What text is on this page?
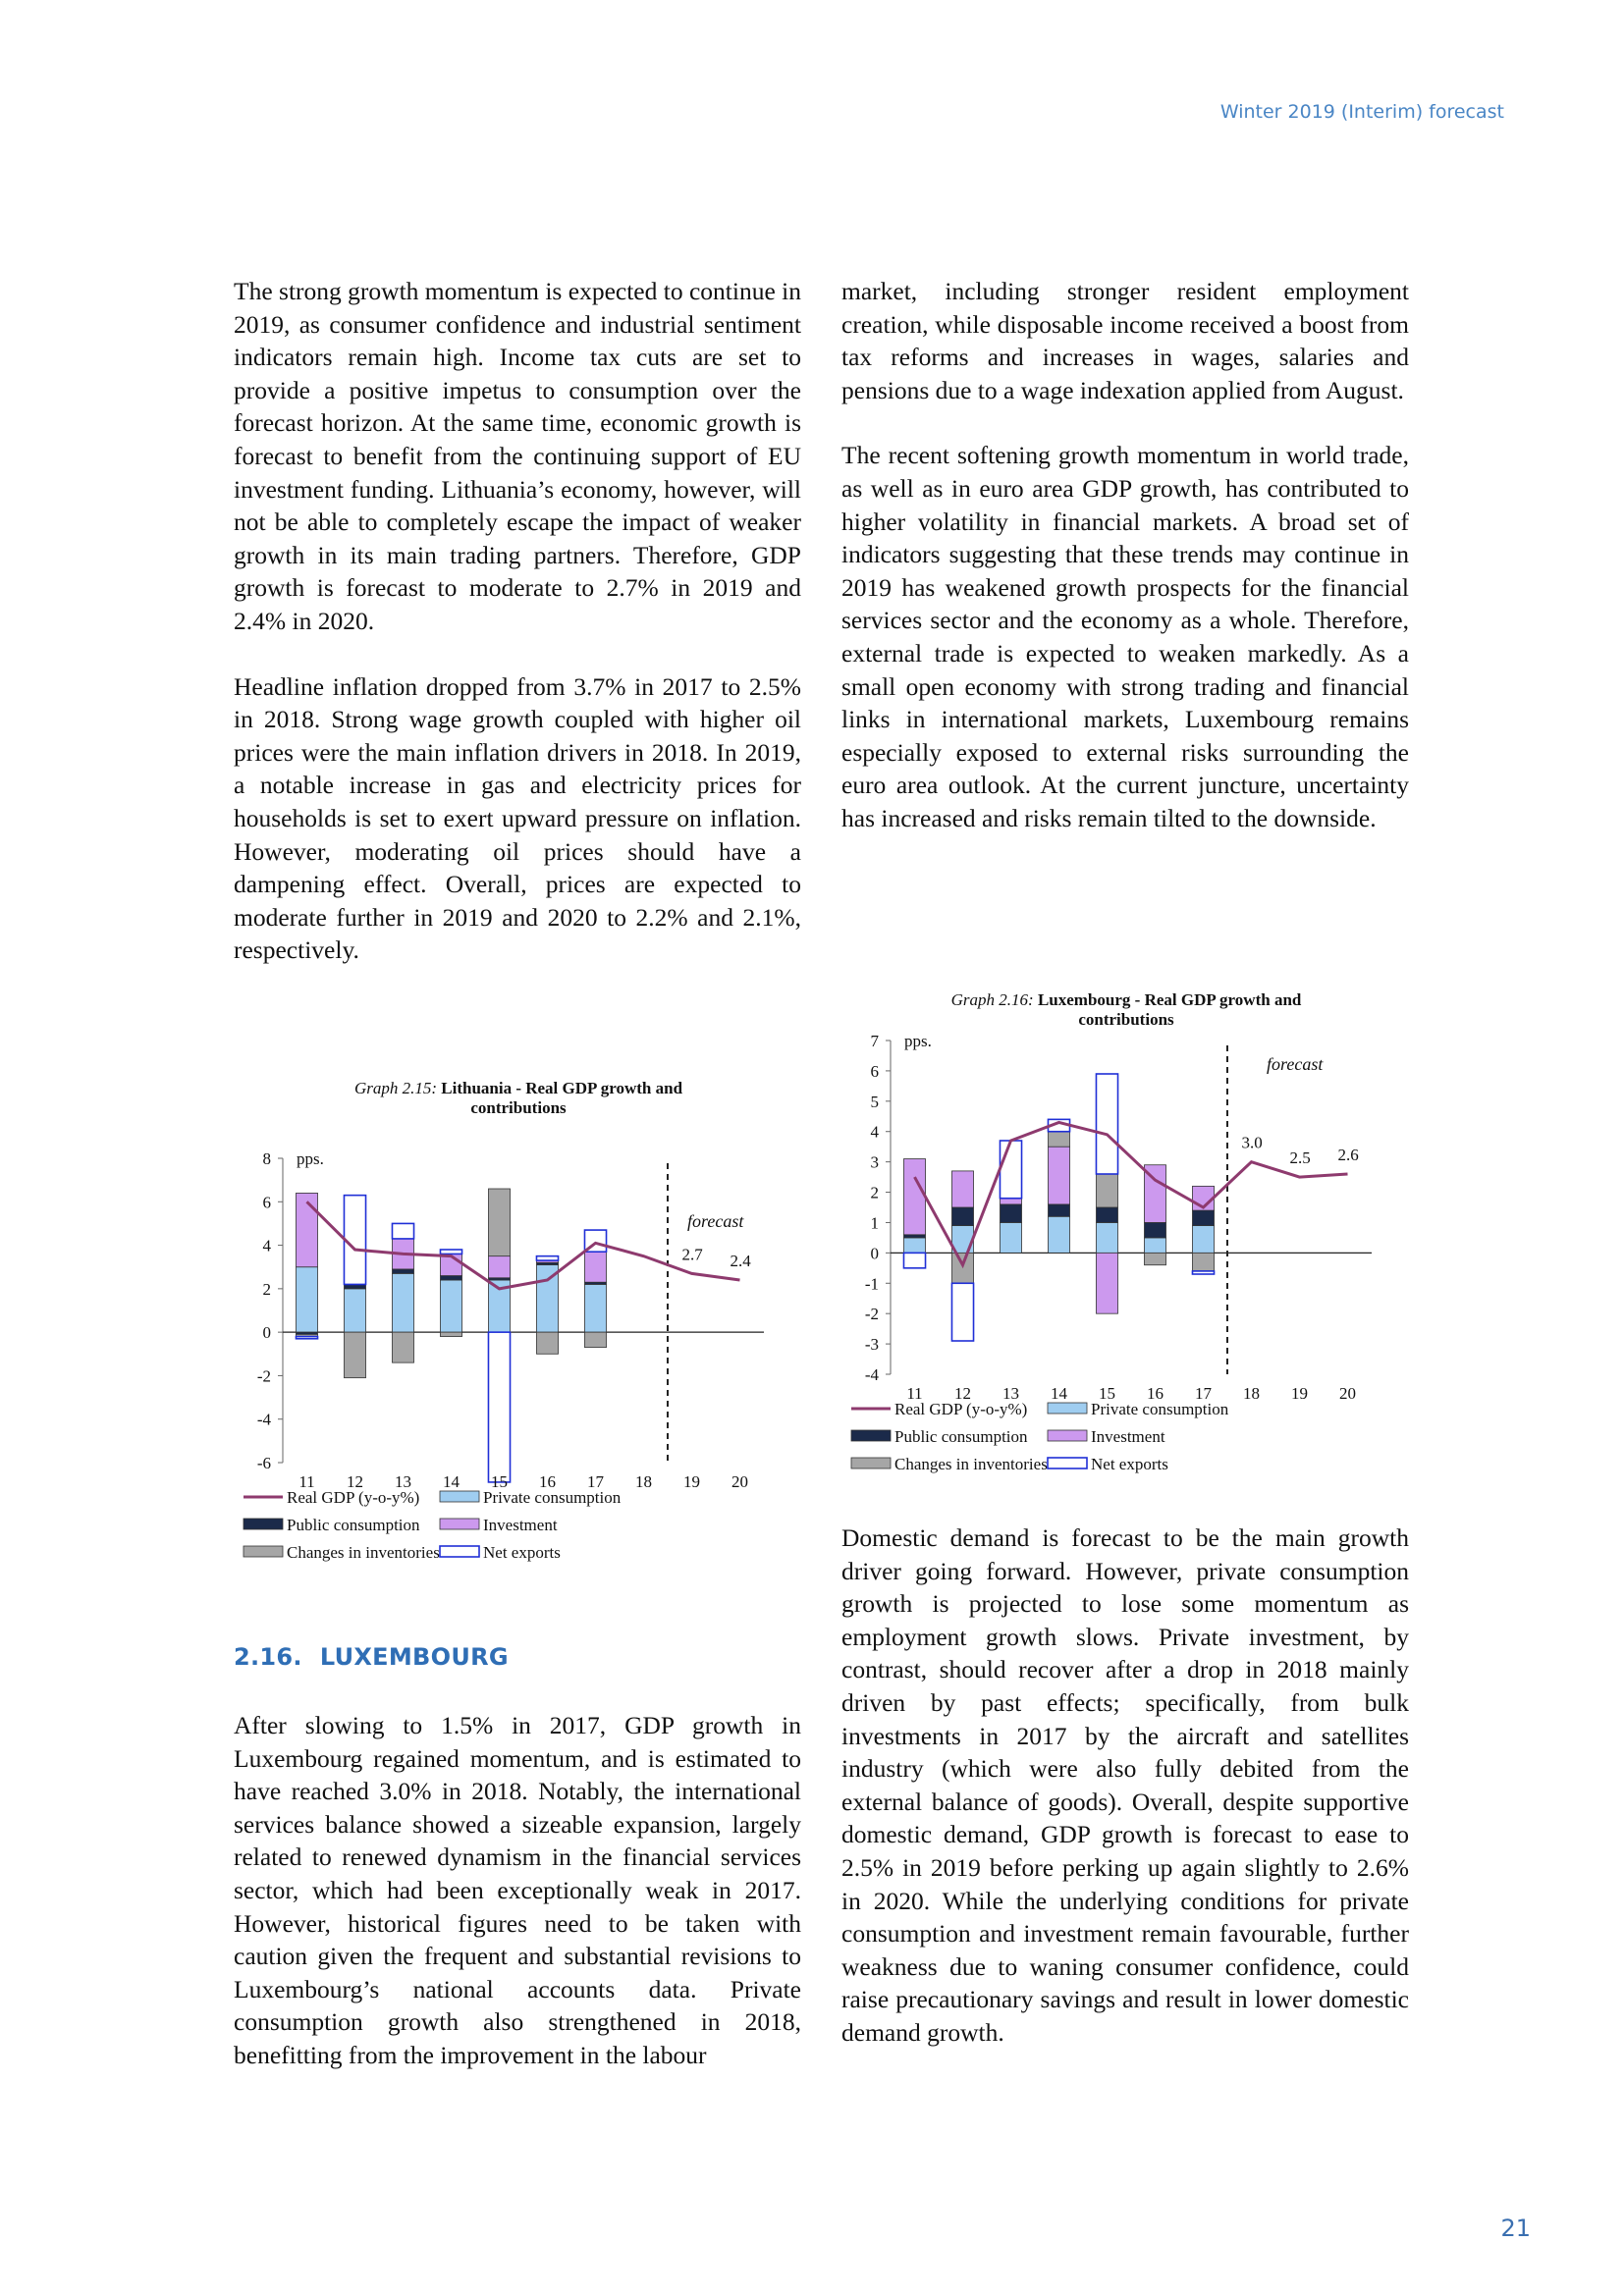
Winter 2019 (Interim) forecast

The strong growth momentum is expected to continue in 2019, as consumer confidence and industrial sentiment indicators remain high. Income tax cuts are set to provide a positive impetus to consumption over the forecast horizon. At the same time, economic growth is forecast to benefit from the continuing support of EU investment funding. Lithuania’s economy, however, will not be able to completely escape the impact of weaker growth in its main trading partners. Therefore, GDP growth is forecast to moderate to 2.7% in 2019 and 2.4% in 2020.

Headline inflation dropped from 3.7% in 2017 to 2.5% in 2018. Strong wage growth coupled with higher oil prices were the main inflation drivers in 2018. In 2019, a notable increase in gas and electricity prices for households is set to exert upward pressure on inflation. However, moderating oil prices should have a dampening effect. Overall, prices are expected to moderate further in 2019 and 2020 to 2.2% and 2.1%, respectively.

Graph 2.15: Lithuania - Real GDP growth and
contributions
-6
-4
-2
0
2
4
6
8 pps.
forecast
2.7 2.4
11 12 13 14 15 16 17 18 19 20
Real GDP (y-o-y%)	Private consumption
Public consumption	Investment
Changes in inventories	Net exports
2.16. LUXEMBOURG

After slowing to 1.5% in 2017, GDP growth in Luxembourg regained momentum, and is estimated to have reached 3.0% in 2018. Notably, the international services balance showed a sizeable expansion, largely related to renewed dynamism in the financial services sector, which had been exceptionally weak in 2017. However, historical figures need to be taken with caution given the frequent and substantial revisions to Luxembourg’s national accounts data. Private consumption growth also strengthened in 2018, benefitting from the improvement in the labour

market, including stronger resident employment creation, while disposable income received a boost from tax reforms and increases in wages, salaries and pensions due to a wage indexation applied from August.

The recent softening growth momentum in world trade, as well as in euro area GDP growth, has contributed to higher volatility in financial markets. A broad set of indicators suggesting that these trends may continue in 2019 has weakened growth prospects for the financial services sector and the economy as a whole. Therefore, external trade is expected to weaken markedly. As a small open economy with strong trading and financial links in international markets, Luxembourg remains especially exposed to external risks surrounding the euro area outlook. At the current juncture, uncertainty has increased and risks remain tilted to the downside.

Graph 2.16: Luxembourg - Real GDP growth and
contributions
-4
-3
-2
-1
0
1
2
3
4
5
6
7 pps.
forecast
3.0
2.5 2.6
11 12 13 14 15 16 17 18 19 20
Real GDP (y-o-y%)	Private consumption
Public consumption	Investment
Changes in inventories	Net exports

Domestic demand is forecast to be the main growth driver going forward. However, private consumption growth is projected to lose some momentum as employment growth slows. Private investment, by contrast, should recover after a drop in 2018 mainly driven by past effects; specifically, from bulk investments in 2017 by the aircraft and satellites industry (which were also fully debited from the external balance of goods). Overall, despite supportive domestic demand, GDP growth is forecast to ease to 2.5% in 2019 before perking up again slightly to 2.6% in 2020. While the underlying conditions for private consumption and investment remain favourable, further weakness due to waning consumer confidence, could raise precautionary savings and result in lower domestic demand growth.

21
